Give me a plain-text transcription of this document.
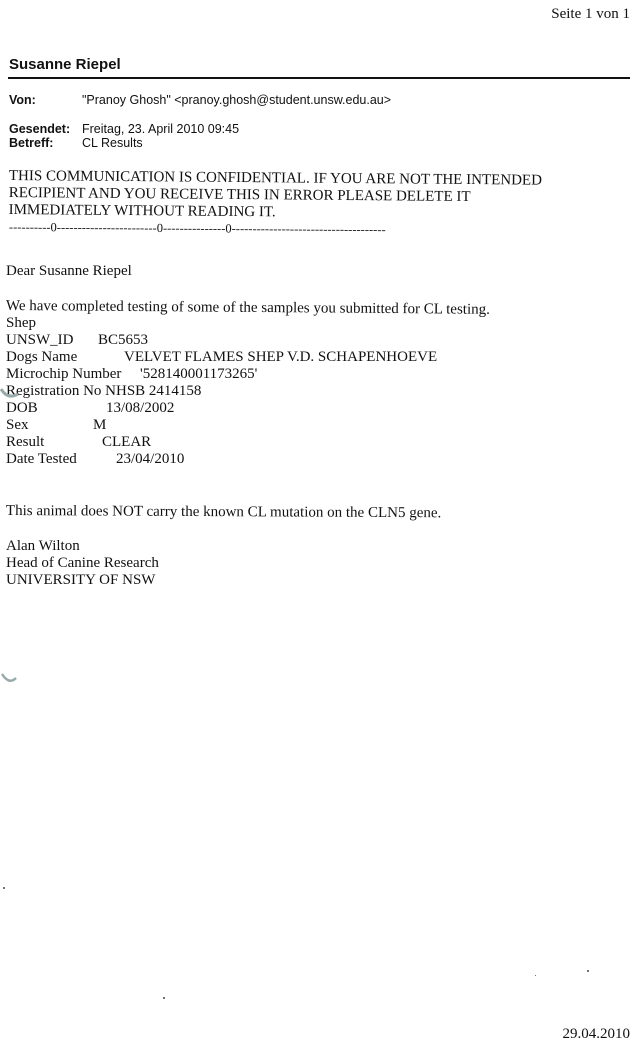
Seite 1 von 1
Susanne Riepel
Von:	"Pranoy Ghosh" <pranoy.ghosh@student.unsw.edu.au>
Gesendet: Freitag, 23. April 2010 09:45
Betreff: CL Results
THIS COMMUNICATION IS CONFIDENTIAL. IF YOU ARE NOT THE INTENDED RECIPIENT AND YOU RECEIVE THIS IN ERROR PLEASE DELETE IT IMMEDIATELY WITHOUT READING IT.
----------0------------------------0---------------0-------------------------------------
Dear Susanne Riepel
We have completed testing of some of the samples you submitted for CL testing.
Shep
UNSW_ID BC5653
Dogs Name	VELVET FLAMES SHEP V.D. SCHAPENHOEVE
Microchip Number '528140001173265'
Registration No NHSB 2414158
DOB	13/08/2002
Sex	M
Result	CLEAR
Date Tested	23/04/2010
This animal does NOT carry the known CL mutation on the CLN5 gene.
Alan Wilton
Head of Canine Research
UNIVERSITY OF NSW
29.04.2010
